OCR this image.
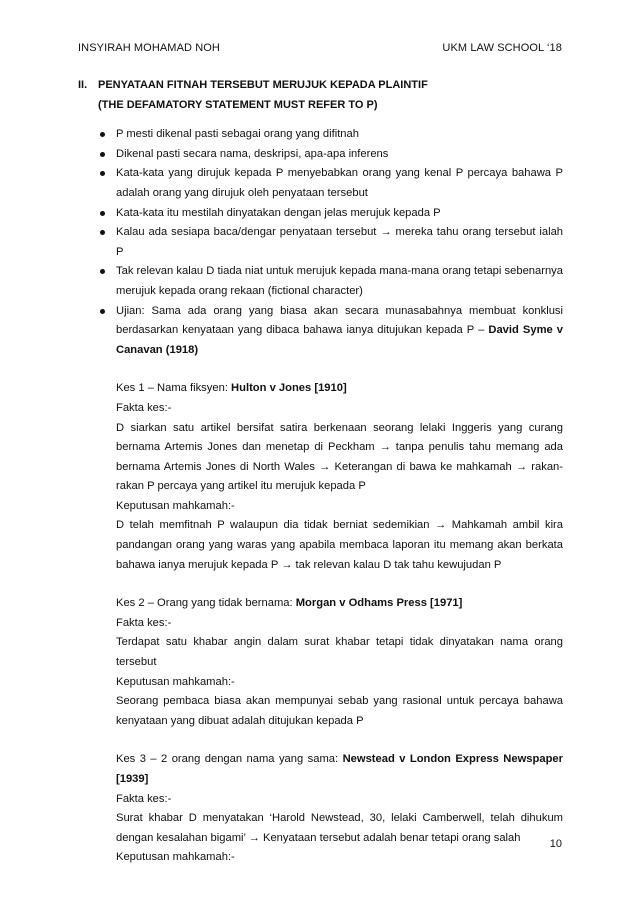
INSYIRAH MOHAMAD NOH	UKM LAW SCHOOL ‘18
II. PENYATAAN FITNAH TERSEBUT MERUJUK KEPADA PLAINTIF
(THE DEFAMATORY STATEMENT MUST REFER TO P)
P mesti dikenal pasti sebagai orang yang difitnah
Dikenal pasti secara nama, deskripsi, apa-apa inferens
Kata-kata yang dirujuk kepada P menyebabkan orang yang kenal P percaya bahawa P adalah orang yang dirujuk oleh penyataan tersebut
Kata-kata itu mestilah dinyatakan dengan jelas merujuk kepada P
Kalau ada sesiapa baca/dengar penyataan tersebut → mereka tahu orang tersebut ialah P
Tak relevan kalau D tiada niat untuk merujuk kepada mana-mana orang tetapi sebenarnya merujuk kepada orang rekaan (fictional character)
Ujian: Sama ada orang yang biasa akan secara munasabahnya membuat konklusi berdasarkan kenyataan yang dibaca bahawa ianya ditujukan kepada P – David Syme v Canavan (1918)

Kes 1 – Nama fiksyen: Hulton v Jones [1910]

Fakta kes:-

D siarkan satu artikel bersifat satira berkenaan seorang lelaki Inggeris yang curang bernama Artemis Jones dan menetap di Peckham → tanpa penulis tahu memang ada bernama Artemis Jones di North Wales → Keterangan di bawa ke mahkamah → rakan-rakan P percaya yang artikel itu merujuk kepada P

Keputusan mahkamah:-

D telah memfitnah P walaupun dia tidak berniat sedemikian → Mahkamah ambil kira pandangan orang yang waras yang apabila membaca laporan itu memang akan berkata bahawa ianya merujuk kepada P → tak relevan kalau D tak tahu kewujudan P

Kes 2 – Orang yang tidak bernama: Morgan v Odhams Press [1971]

Fakta kes:-

Terdapat satu khabar angin dalam surat khabar tetapi tidak dinyatakan nama orang tersebut

Keputusan mahkamah:-

Seorang pembaca biasa akan mempunyai sebab yang rasional untuk percaya bahawa kenyataan yang dibuat adalah ditujukan kepada P

Kes 3 – 2 orang dengan nama yang sama: Newstead v London Express Newspaper [1939]

Fakta kes:-

Surat khabar D menyatakan ‘Harold Newstead, 30, lelaki Camberwell, telah dihukum dengan kesalahan bigami’ → Kenyataan tersebut adalah benar tetapi orang salah

Keputusan mahkamah:-

10
